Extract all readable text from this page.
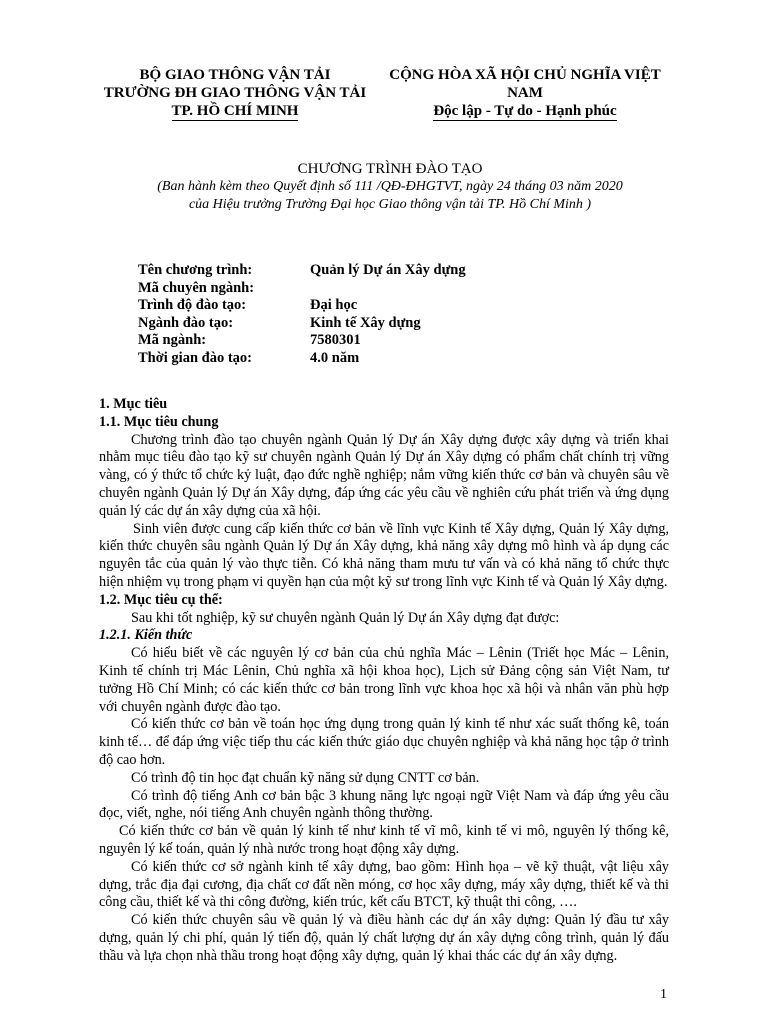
BỘ GIAO THÔNG VẬN TẢI
TRƯỜNG ĐH GIAO THÔNG VẬN TẢI
TP. HỒ CHÍ MINH
CỘNG HÒA XÃ HỘI CHỦ NGHĨA VIỆT NAM
Độc lập - Tự do - Hạnh phúc
CHƯƠNG TRÌNH ĐÀO TẠO
(Ban hành kèm theo Quyết định số 111 /QĐ-ĐHGTVT, ngày 24 tháng 03 năm 2020
của Hiệu trưởng Trường Đại học Giao thông vận tải TP. Hồ Chí Minh )
Tên chương trình:	Quản lý Dự án Xây dựng
Mã chuyên ngành:
Trình độ đào tạo:	Đại học
Ngành đào tạo:	Kinh tế Xây dựng
Mã ngành:	7580301
Thời gian đào tạo:	4.0 năm

1. Mục tiêu

1.1. Mục tiêu chung

Chương trình đào tạo chuyên ngành Quản lý Dự án Xây dựng được xây dựng và triển khai nhằm mục tiêu đào tạo kỹ sư chuyên ngành Quản lý Dự án Xây dựng có phẩm chất chính trị vững vàng, có ý thức tổ chức kỷ luật, đạo đức nghề nghiệp; nắm vững kiến thức cơ bản và chuyên sâu về chuyên ngành Quản lý Dự án Xây dựng, đáp ứng các yêu cầu về nghiên cứu phát triển và ứng dụng quản lý các dự án xây dựng của xã hội.

Sinh viên được cung cấp kiến thức cơ bản về lĩnh vực Kinh tế Xây dựng, Quản lý Xây dựng, kiến thức chuyên sâu ngành Quản lý Dự án Xây dựng, khả năng xây dựng mô hình và áp dụng các nguyên tắc của quản lý vào thực tiễn. Có khả năng tham mưu tư vấn và có khả năng tổ chức thực hiện nhiệm vụ trong phạm vi quyền hạn của một kỹ sư trong lĩnh vực Kinh tế và Quản lý Xây dựng.

1.2. Mục tiêu cụ thể:

Sau khi tốt nghiệp, kỹ sư chuyên ngành Quản lý Dự án Xây dựng đạt được:

1.2.1. Kiến thức

Có hiểu biết về các nguyên lý cơ bản của chủ nghĩa Mác – Lênin (Triết học Mác – Lênin, Kinh tế chính trị Mác Lênin, Chủ nghĩa xã hội khoa học), Lịch sử Đảng cộng sản Việt Nam, tư tưởng Hồ Chí Minh; có các kiến thức cơ bản trong lĩnh vực khoa học xã hội và nhân văn phù hợp với chuyên ngành được đào tạo.

Có kiến thức cơ bản về toán học ứng dụng trong quản lý kinh tế như xác suất thống kê, toán kinh tế… để đáp ứng việc tiếp thu các kiến thức giáo dục chuyên nghiệp và khả năng học tập ở trình độ cao hơn.

Có trình độ tin học đạt chuẩn kỹ năng sử dụng CNTT cơ bản.

Có trình độ tiếng Anh cơ bản bậc 3 khung năng lực ngoại ngữ Việt Nam và đáp ứng yêu cầu đọc, viết, nghe, nói tiếng Anh chuyên ngành thông thường.

Có kiến thức cơ bản về quản lý kinh tế như kinh tế vĩ mô, kinh tế vi mô, nguyên lý thống kê, nguyên lý kế toán, quản lý nhà nước trong hoạt động xây dựng.

Có kiến thức cơ sở ngành kinh tế xây dựng, bao gồm: Hình họa – vẽ kỹ thuật, vật liệu xây dựng, trắc địa đại cương, địa chất cơ đất nền móng, cơ học xây dựng, máy xây dựng, thiết kế và thi công cầu, thiết kế và thi công đường, kiến trúc, kết cấu BTCT, kỹ thuật thi công, ….

Có kiến thức chuyên sâu về quản lý và điều hành các dự án xây dựng: Quản lý đầu tư xây dựng, quản lý chi phí, quản lý tiến độ, quản lý chất lượng dự án xây dựng công trình, quản lý đấu thầu và lựa chọn nhà thầu trong hoạt động xây dựng, quản lý khai thác các dự án xây dựng.

1
